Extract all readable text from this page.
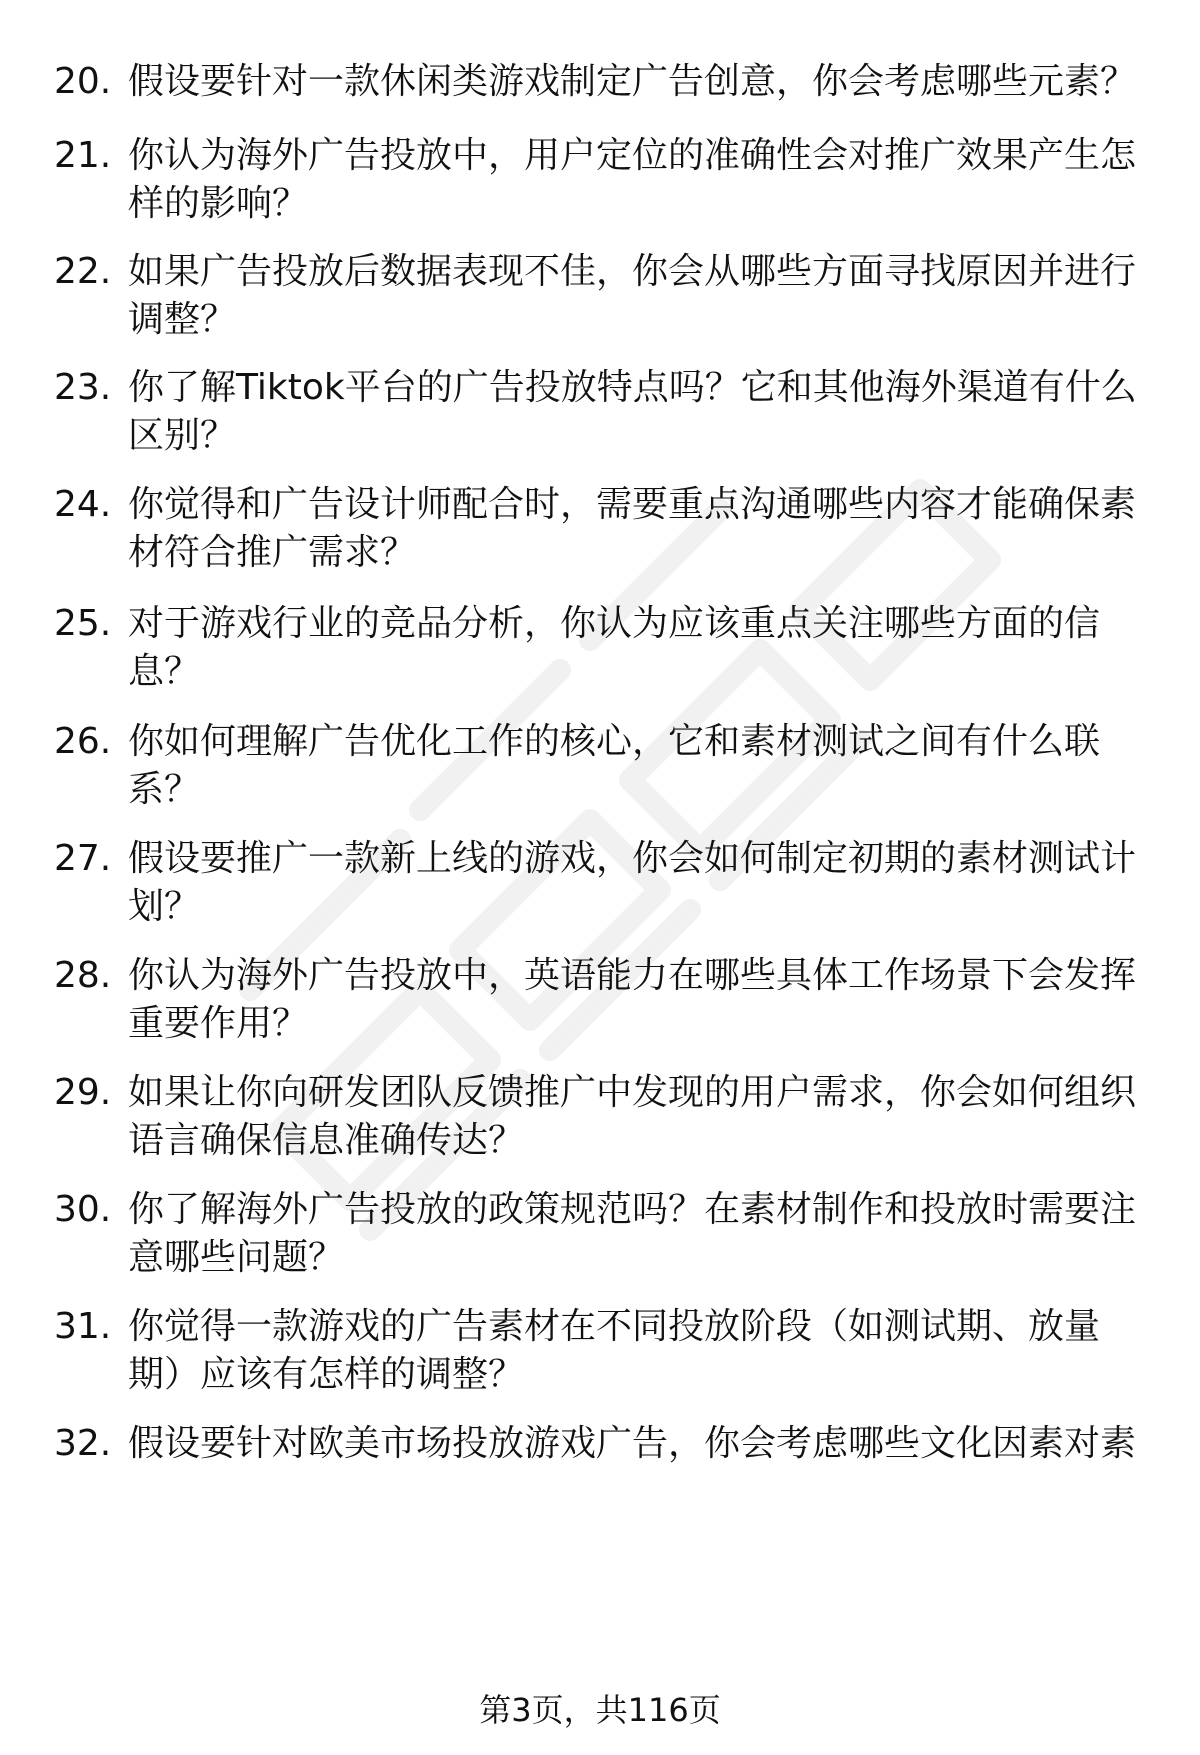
20. 假设要针对一款休闲类游戏制定广告创意，你会考虑哪些元素？
21. 你认为海外广告投放中，用户定位的准确性会对推广效果产生怎
样的影响？
22. 如果广告投放后数据表现不佳，你会从哪些方面寻找原因并进行
调整？
23. 你了解Tiktok平台的广告投放特点吗？它和其他海外渠道有什么
区别？
24. 你觉得和广告设计师配合时，需要重点沟通哪些内容才能确保素
材符合推广需求？
25. 对于游戏行业的竞品分析，你认为应该重点关注哪些方面的信
息？
26. 你如何理解广告优化工作的核心，它和素材测试之间有什么联
系？
27. 假设要推广一款新上线的游戏，你会如何制定初期的素材测试计
划？
28. 你认为海外广告投放中，英语能力在哪些具体工作场景下会发挥
重要作用？
29. 如果让你向研发团队反馈推广中发现的用户需求，你会如何组织
语言确保信息准确传达？
30. 你了解海外广告投放的政策规范吗？在素材制作和投放时需要注
意哪些问题？
31. 你觉得一款游戏的广告素材在不同投放阶段（如测试期、放量
期）应该有怎样的调整？
32. 假设要针对欧美市场投放游戏广告，你会考虑哪些文化因素对素
第3页，共116页
